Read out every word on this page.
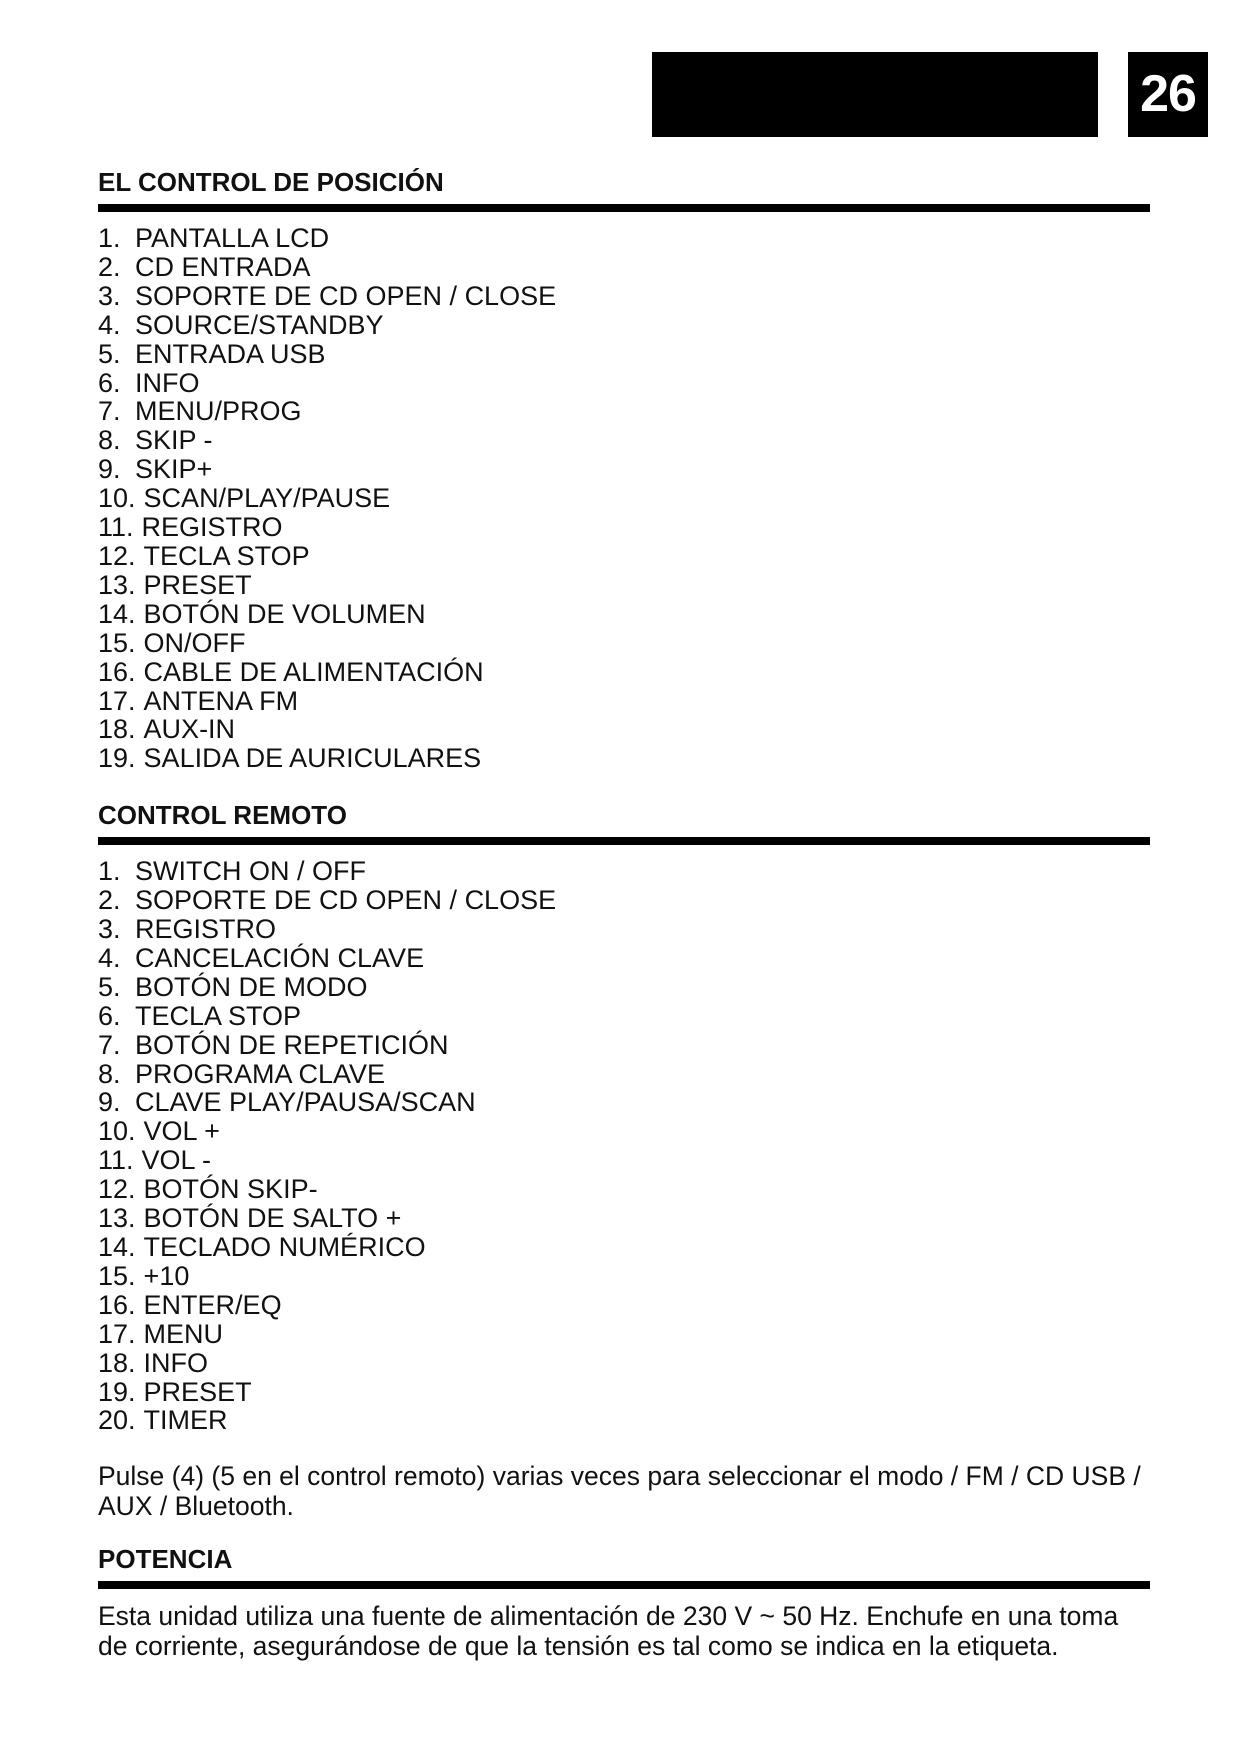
26
EL CONTROL DE POSICIÓN
1. PANTALLA LCD
2. CD ENTRADA
3. SOPORTE DE CD OPEN / CLOSE
4. SOURCE/STANDBY
5. ENTRADA USB
6. INFO
7. MENU/PROG
8. SKIP -
9. SKIP+
10. SCAN/PLAY/PAUSE
11. REGISTRO
12. TECLA STOP
13. PRESET
14. BOTÓN DE VOLUMEN
15. ON/OFF
16. CABLE DE ALIMENTACIÓN
17. ANTENA FM
18. AUX-IN
19. SALIDA DE AURICULARES
CONTROL REMOTO
1. SWITCH ON / OFF
2. SOPORTE DE CD OPEN / CLOSE
3. REGISTRO
4. CANCELACIÓN CLAVE
5. BOTÓN DE MODO
6. TECLA STOP
7. BOTÓN DE REPETICIÓN
8. PROGRAMA CLAVE
9. CLAVE PLAY/PAUSA/SCAN
10. VOL +
11. VOL -
12. BOTÓN SKIP-
13. BOTÓN DE SALTO +
14. TECLADO NUMÉRICO
15. +10
16. ENTER/EQ
17. MENU
18. INFO
19. PRESET
20. TIMER

Pulse (4) (5 en el control remoto) varias veces para seleccionar el modo / FM / CD USB / AUX / Bluetooth.

POTENCIA

Esta unidad utiliza una fuente de alimentación de 230 V ~ 50 Hz. Enchufe en una toma de corriente, asegurándose de que la tensión es tal como se indica en la etiqueta.
